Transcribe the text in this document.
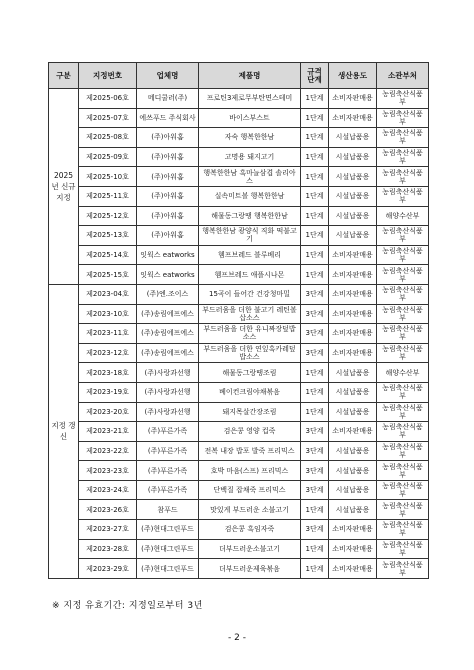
구분	지정번호	업체명	제품명	규격 단계	생산용도	소관부처
2025년 신규 지정	제2025-06호	메디쿨러(주)	프로틴3제로무부탄면스테미	1단계	소비자판매용	농림축산식품부
	제2025-07호	에쓰푸드 주식회사	바이스부스트	1단계	소비자판매용	농림축산식품부
	제2025-08호	(주)아워홈	자숙 행복한한남	1단계	시설납품용	농림축산식품부
	제2025-09호	(주)아워홈	고명용 돼지고기	1단계	시설납품용	농림축산식품부
	제2025-10호	(주)아워홈	행복한한남 흑마늘삼겹 솔리아스	1단계	시설납품용	농림축산식품부
	제2025-11호	(주)아워홈	실속미트볼 행복한한남	1단계	시설납품용	농림축산식품부
	제2025-12호	(주)아워홈	해물동그랑땡 행복한한남	1단계	시설납품용	해양수산부
	제2025-13호	(주)아워홈	행복한한남 광양식 직화 떡불고기	1단계	시설납품용	농림축산식품부
	제2025-14호	잇웍스 eatworks	헴프브레드 블루베리	1단계	소비자판매용	농림축산식품부
	제2025-15호	잇웍스 eatworks	헴프브레드 애플시나몬	1단계	소비자판매용	농림축산식품부
지정 갱신	제2023-04호	(주)엔.조이스	15곡이 들어간 건강청마밀	3단계	소비자판매용	농림축산식품부
	제2023-10호	(주)송림에프에스	부드러움을 더한 불고기 레틴볼삽소스	3단계	소비자판매용	농림축산식품부
	제2023-11호	(주)송림에프에스	부드러움을 더한 유니짜장덮밥소스	3단계	소비자판매용	농림축산식품부
	제2023-12호	(주)송림에프에스	부드러움을 더한 연잎흑카레덮밥소스	3단계	소비자판매용	농림축산식품부
	제2023-18호	(주)사랑과선행	해물동그랑땡조림	1단계	시설납품용	해양수산부
	제2023-19호	(주)사랑과선행	베이컨크림야채볶음	1단계	시설납품용	농림축산식품부
	제2023-20호	(주)사랑과선행	돼지목살간장조림	1단계	시설납품용	농림축산식품부
	제2023-21호	(주)푸른가족	검은콩 영양 컵죽	3단계	소비자판매용	농림축산식품부
	제2023-22호	(주)푸른가족	전복 내장 밥포 발죽 프리믹스	3단계	시설납품용	농림축산식품부
	제2023-23호	(주)푸른가족	호박 마음(스프) 프리믹스	3단계	시설납품용	농림축산식품부
	제2023-24호	(주)푸른가족	단백질 잡채죽 프리믹스	3단계	시설납품용	농림축산식품부
	제2023-26호	참푸드	맛있게 부드러운 소불고기	1단계	시설납품용	농림축산식품부
	제2023-27호	(주)현대그린푸드	검은콩 흑임자죽	3단계	소비자판매용	농림축산식품부
	제2023-28호	(주)현대그린푸드	더부드러운소불고기	1단계	소비자판매용	농림축산식품부
	제2023-29호	(주)현대그린푸드	더부드러운제육볶음	1단계	소비자판매용	농림축산식품부
※ 지정 유효기간: 지정일로부터 3년
- 2 -
